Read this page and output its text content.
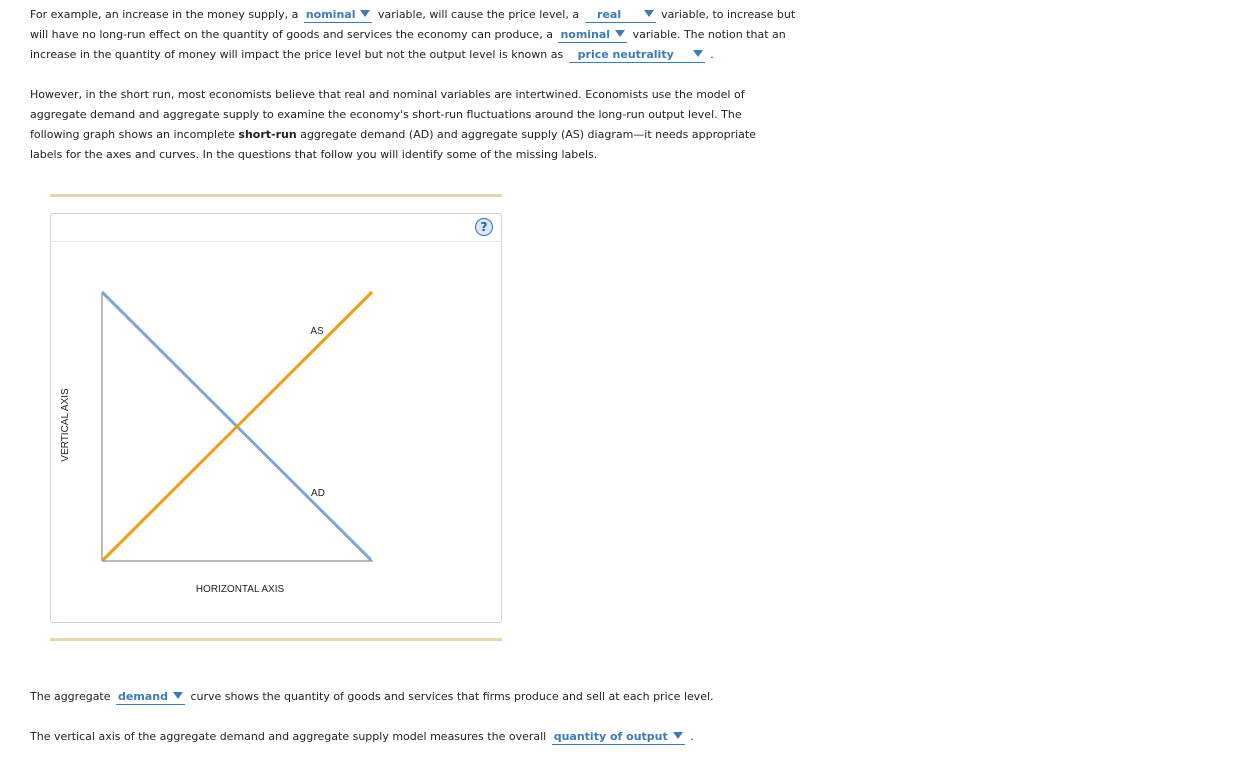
For example, an increase in the money supply, a nominal variable, will cause the price level, a real	variable, to increase but
will have no long-run effect on the quantity of goods and services the economy can produce, a nominal variable. The notion that an
increase in the quantity of money will impact the price level but not the output level is known as price neutrality	.
However, in the short run, most economists believe that real and nominal variables are intertwined. Economists use the model of
aggregate demand and aggregate supply to examine the economy's short-run fluctuations around the long-run output level. The
following graph shows an incomplete short-run aggregate demand (AD) and aggregate supply (AS) diagram—it needs appropriate
labels for the axes and curves. In the questions that follow you will identify some of the missing labels.
?
AS
AD
HORIZONTAL AXIS
VERTICAL AXIS
The aggregate demand curve shows the quantity of goods and services that firms produce and sell at each price level.
The vertical axis of the aggregate demand and aggregate supply model measures the overall quantity of output .
